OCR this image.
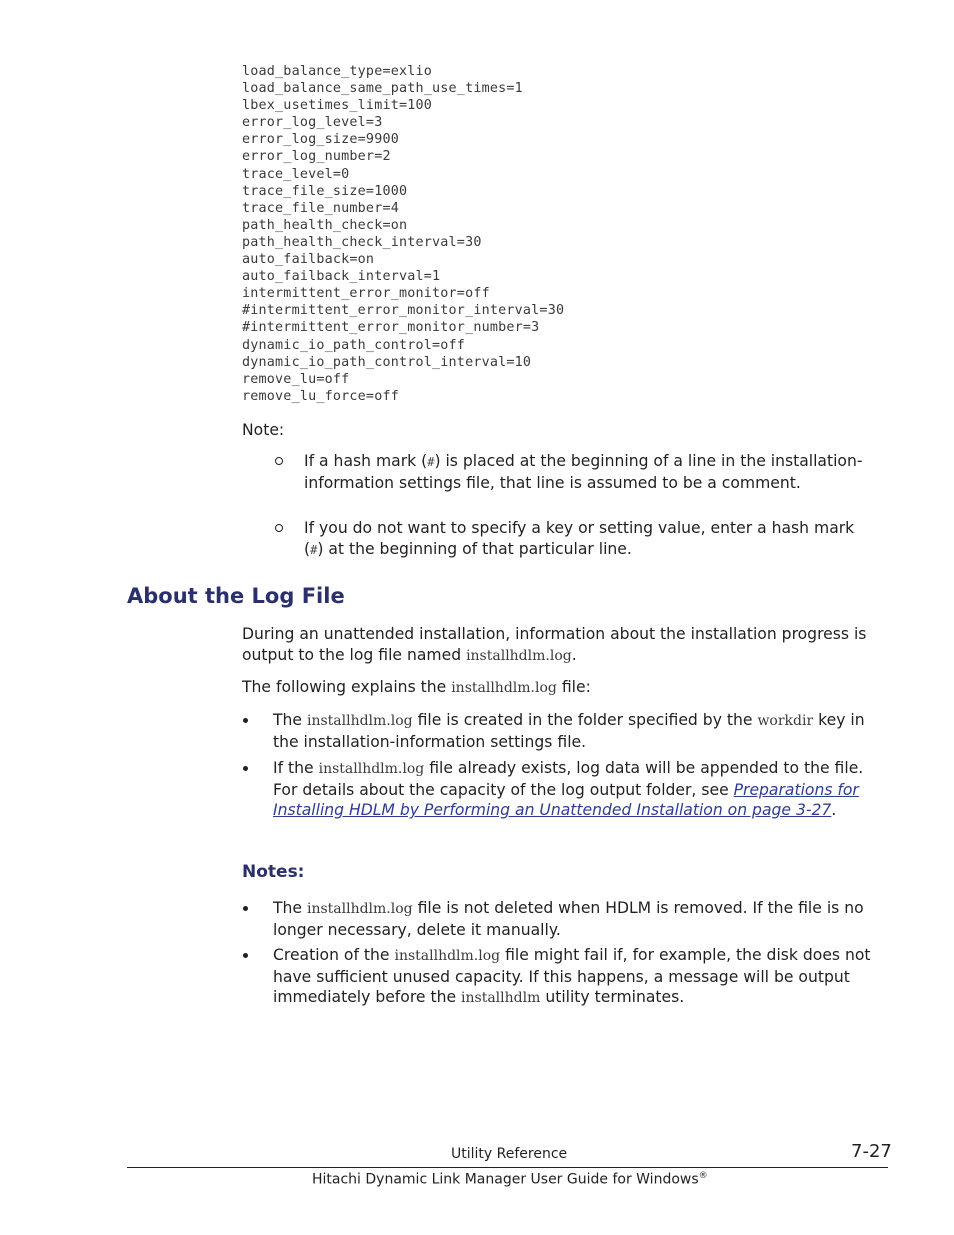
load_balance_type=exlio
load_balance_same_path_use_times=1
lbex_usetimes_limit=100
error_log_level=3
error_log_size=9900
error_log_number=2
trace_level=0
trace_file_size=1000
trace_file_number=4
path_health_check=on
path_health_check_interval=30
auto_failback=on
auto_failback_interval=1
intermittent_error_monitor=off
#intermittent_error_monitor_interval=30
#intermittent_error_monitor_number=3
dynamic_io_path_control=off
dynamic_io_path_control_interval=10
remove_lu=off
remove_lu_force=off

Note:

If a hash mark (#) is placed at the beginning of a line in the installation-information settings file, that line is assumed to be a comment.

If you do not want to specify a key or setting value, enter a hash mark (#) at the beginning of that particular line.

About the Log File

During an unattended installation, information about the installation progress is output to the log file named installhdlm.log.

The following explains the installhdlm.log file:

The installhdlm.log file is created in the folder specified by the workdir key in the installation-information settings file.

If the installhdlm.log file already exists, log data will be appended to the file. For details about the capacity of the log output folder, see Preparations for Installing HDLM by Performing an Unattended Installation on page 3-27.

Notes:

The installhdlm.log file is not deleted when HDLM is removed. If the file is no longer necessary, delete it manually.

Creation of the installhdlm.log file might fail if, for example, the disk does not have sufficient unused capacity. If this happens, a message will be output immediately before the installhdlm utility terminates.

Utility Reference	7-27

Hitachi Dynamic Link Manager User Guide for Windows®
